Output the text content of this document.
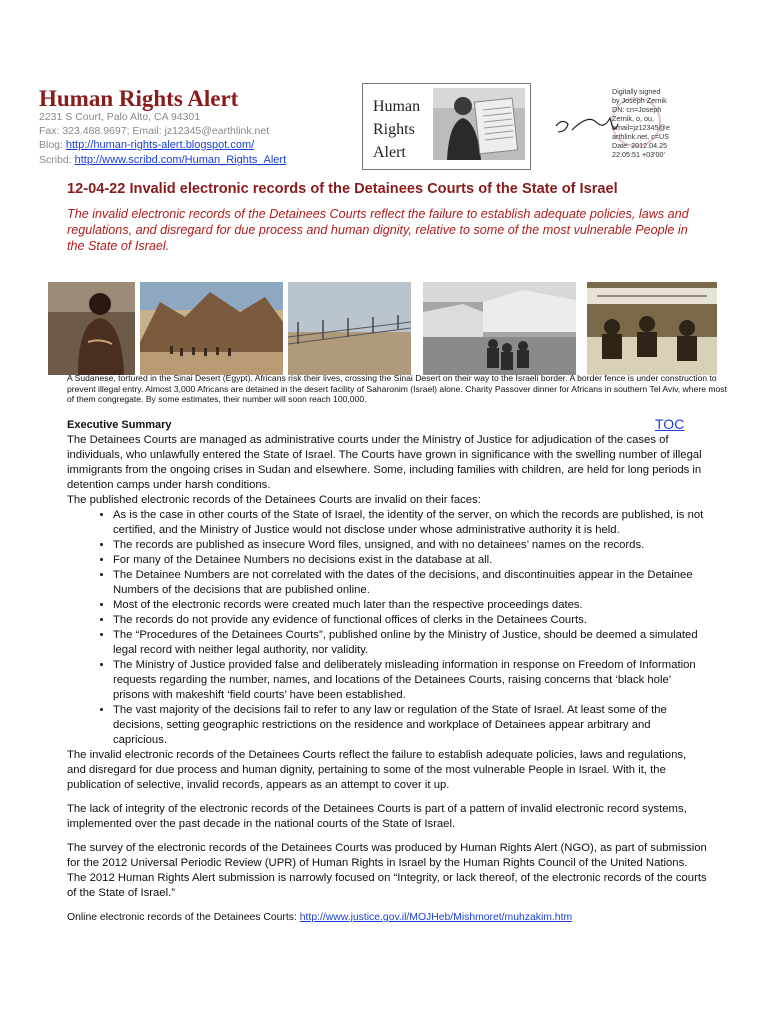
Human Rights Alert
2231 S Court, Palo Alto, CA 94301
Fax: 323.488.9697; Email: jz12345@earthlink.net
Blog: http://human-rights-alert.blogspot.com/
Scribd: http://www.scribd.com/Human_Rights_Alert
Human
Rights
Alert
Digitally signed
by Joseph Zernik
DN: cn=Joseph
Zernik, o, ou,
email=jz12345@e
arthlink.net, c=US
Date: 2012.04.25
22:05:51 +03'00'
12-04-22 Invalid electronic records of the Detainees Courts of the State of Israel

The invalid electronic records of the Detainees Courts reflect the failure to establish adequate policies, laws and regulations, and disregard for due process and human dignity, relative to some of the most vulnerable People in the State of Israel.

A Sudanese, tortured in the Sinai Desert (Egypt). Africans risk their lives, crossing the Sinai Desert on their way to the Israeli border. A border fence is under construction to prevent illegal entry. Almost 3,000 Africans are detained in the desert facility of Saharonim (Israel) alone. Charity Passover dinner for Africans in southern Tel Aviv, where most of them congregate. By some estimates, their number will soon reach 100,000.

Executive Summary	TOC

The Detainees Courts are managed as administrative courts under the Ministry of Justice for adjudication of the cases of individuals, who unlawfully entered the State of Israel. The Courts have grown in significance with the swelling number of illegal immigrants from the ongoing crises in Sudan and elsewhere. Some, including families with children, are held for long periods in detention camps under harsh conditions.

The published electronic records of the Detainees Courts are invalid on their faces:

• As is the case in other courts of the State of Israel, the identity of the server, on which the records are published, is not certified, and the Ministry of Justice would not disclose under whose administrative authority it is held.
• The records are published as insecure Word files, unsigned, and with no detainees’ names on the records.
• For many of the Detainee Numbers no decisions exist in the database at all.
• The Detainee Numbers are not correlated with the dates of the decisions, and discontinuities appear in the Detainee Numbers of the decisions that are published online.
• Most of the electronic records were created much later than the respective proceedings dates.
• The records do not provide any evidence of functional offices of clerks in the Detainees Courts.
• The “Procedures of the Detainees Courts”, published online by the Ministry of Justice, should be deemed a simulated legal record with neither legal authority, nor validity.
• The Ministry of Justice provided false and deliberately misleading information in response on Freedom of Information requests regarding the number, names, and locations of the Detainees Courts, raising concerns that ‘black hole’ prisons with makeshift ‘field courts’ have been established.
• The vast majority of the decisions fail to refer to any law or regulation of the State of Israel. At least some of the decisions, setting geographic restrictions on the residence and workplace of Detainees appear arbitrary and capricious.

The invalid electronic records of the Detainees Courts reflect the failure to establish adequate policies, laws and regulations, and disregard for due process and human dignity, pertaining to some of the most vulnerable People in Israel. With it, the publication of selective, invalid records, appears as an attempt to cover it up.

The lack of integrity of the electronic records of the Detainees Courts is part of a pattern of invalid electronic record systems, implemented over the past decade in the national courts of the State of Israel.

The survey of the electronic records of the Detainees Courts was produced by Human Rights Alert (NGO), as part of submission for the 2012 Universal Periodic Review (UPR) of Human Rights in Israel by the Human Rights Council of the United Nations. The 2012 Human Rights Alert submission is narrowly focused on “Integrity, or lack thereof, of the electronic records of the courts of the State of Israel.”

Online electronic records of the Detainees Courts: http://www.justice.gov.il/MOJHeb/Mishmoret/muhzakim.htm
